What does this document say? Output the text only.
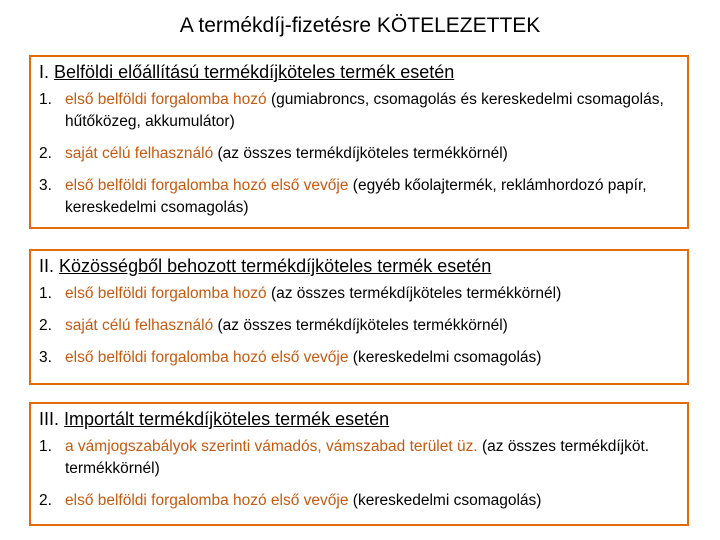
A termékdíj-fizetésre KÖTELEZETTEK
I. Belföldi előállítású termékdíjköteles termék esetén
1. első belföldi forgalomba hozó (gumiabroncs, csomagolás és kereskedelmi csomagolás, hűtőközeg, akkumulátor)
2. saját célú felhasználó (az összes termékdíjköteles termékkörnél)
3. első belföldi forgalomba hozó első vevője (egyéb kőolajtermék, reklámhordozó papír, kereskedelmi csomagolás)
II. Közösségből behozott termékdíjköteles termék esetén
1. első belföldi forgalomba hozó (az összes termékdíjköteles termékkörnél)
2. saját célú felhasználó (az összes termékdíjköteles termékkörnél)
3. első belföldi forgalomba hozó első vevője (kereskedelmi csomagolás)
III. Importált termékdíjköteles termék esetén
1. a vámjogszabályok szerinti vámadós, vámszabad terület üz. (az összes termékdíjköt. termékkörnél)
2. első belföldi forgalomba hozó első vevője (kereskedelmi csomagolás)
